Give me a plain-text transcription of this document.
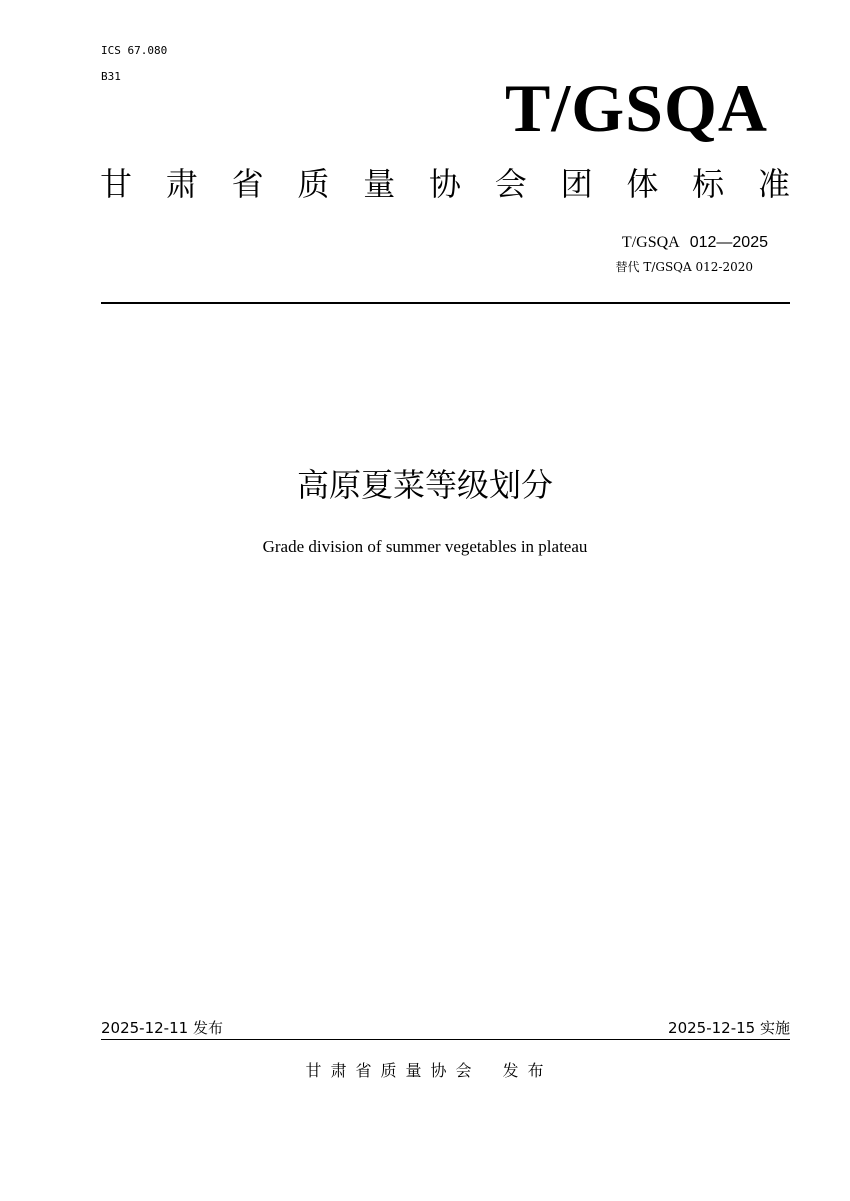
ICS 67.080
B31	T/GSQA
甘 肃 省 质 量 协 会 团 体 标 准
T/GSQA 012—2025
替代 T/GSQA 012-2020
高原夏菜等级划分
Grade division of summer vegetables in plateau
2025-12-11 发布	2025-12-15 实施
甘肃省质量协会 发布
